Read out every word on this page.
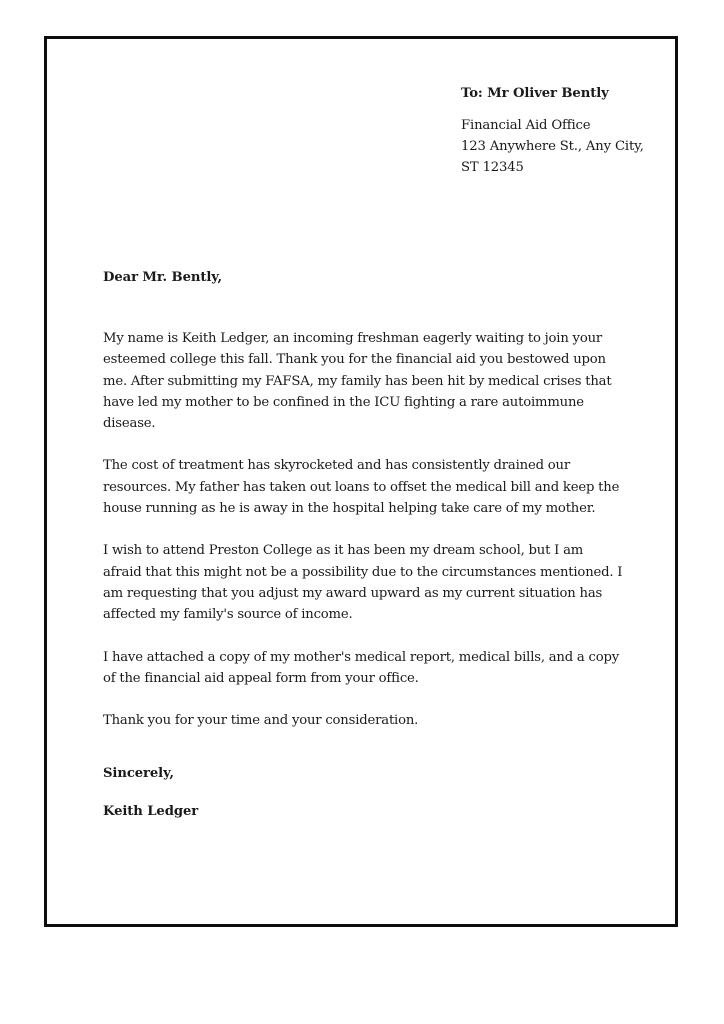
To: Mr Oliver Bently

Financial Aid Office

123 Anywhere St., Any City,

ST 12345

Dear Mr. Bently,

My name is Keith Ledger, an incoming freshman eagerly waiting to join your esteemed college this fall. Thank you for the financial aid you bestowed upon me. After submitting my FAFSA, my family has been hit by medical crises that have led my mother to be confined in the ICU fighting a rare autoimmune disease.

The cost of treatment has skyrocketed and has consistently drained our resources. My father has taken out loans to offset the medical bill and keep the house running as he is away in the hospital helping take care of my mother.

I wish to attend Preston College as it has been my dream school, but I am afraid that this might not be a possibility due to the circumstances mentioned. I am requesting that you adjust my award upward as my current situation has affected my family's source of income.

I have attached a copy of my mother's medical report, medical bills, and a copy of the financial aid appeal form from your office.

Thank you for your time and your consideration.

Sincerely,

Keith Ledger
